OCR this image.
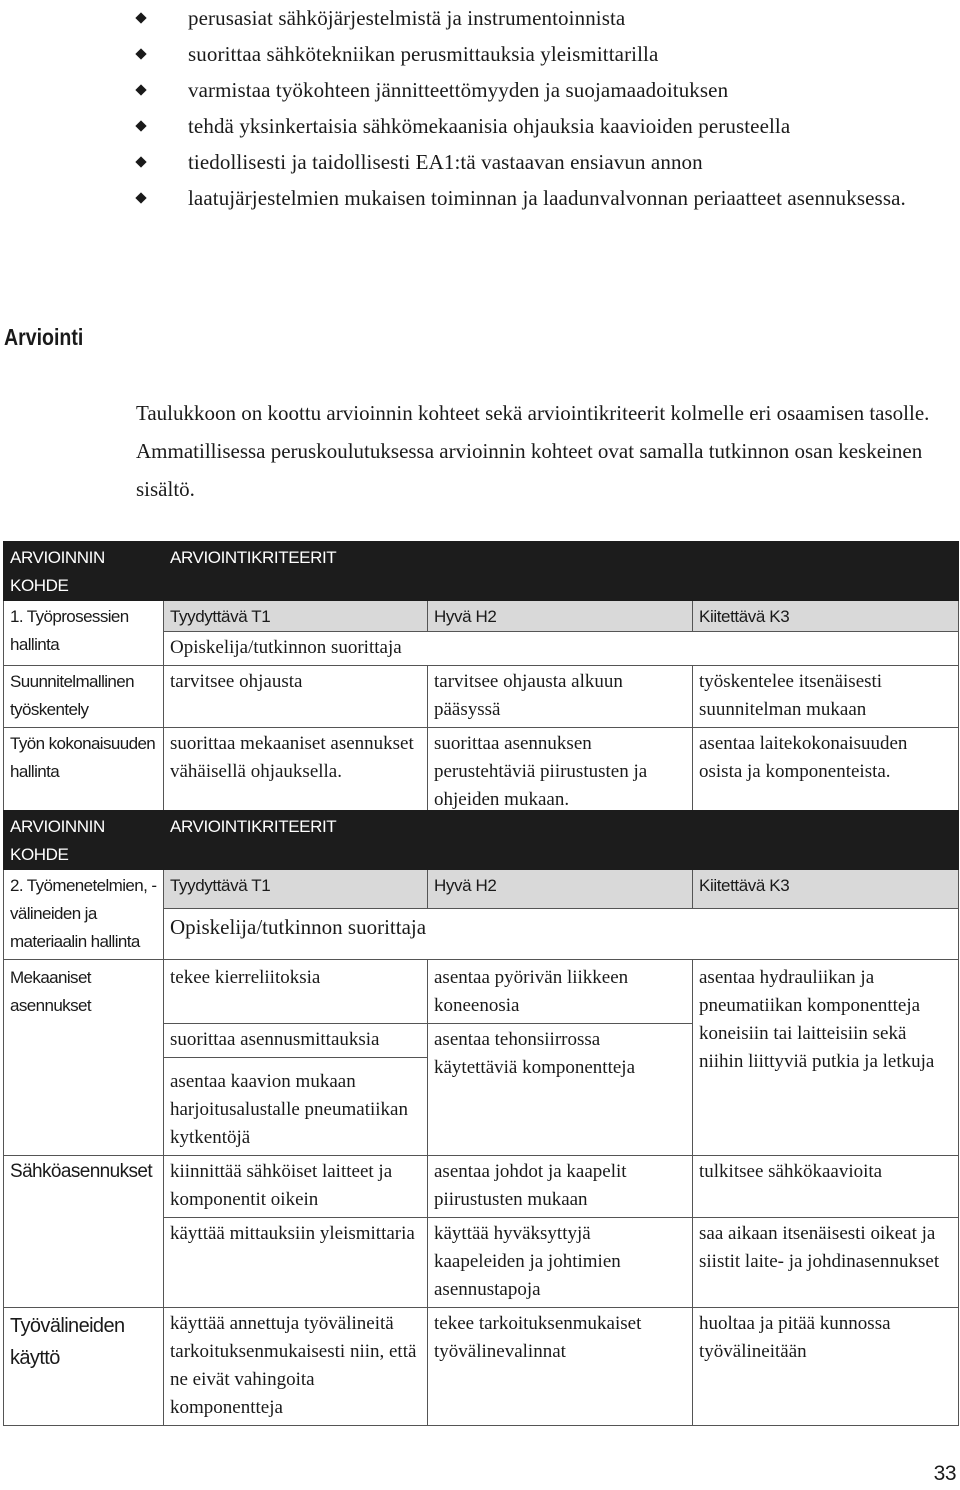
perusasiat sähköjärjestelmistä ja instrumentoinnista
suorittaa sähkötekniikan perusmittauksia yleismittarilla
varmistaa työkohteen jännitteettömyyden ja suojamaadoituksen
tehdä yksinkertaisia sähkömekaanisia ohjauksia kaavioiden perusteella
tiedollisesti ja taidollisesti EA1:tä vastaavan ensiavun annon
laatujärjestelmien mukaisen toiminnan ja laadunvalvonnan periaatteet asennuksessa.
Arviointi

Taulukkoon on koottu arvioinnin kohteet sekä arviointikriteerit kolmelle eri osaamisen tasolle. Ammatillisessa peruskoulutuksessa arvioinnin kohteet ovat samalla tutkinnon osan keskeinen sisältö.

ARVIOINNIN KOHDE	ARVIOINTIKRITEERIT		
1. Työprosessien hallinta	Tyydyttävä T1	Hyvä H2	Kiitettävä K3
	Opiskelija/tutkinnon suorittaja		
Suunnitelmallinen työskentely	tarvitsee ohjausta	tarvitsee ohjausta alkuun pääsyssä	työskentelee itsenäisesti suunnitelman mukaan
Työn kokonaisuuden hallinta	suorittaa mekaaniset asennukset vähäisellä ohjauksella.	suorittaa asennuksen perustehtäviä piirustusten ja ohjeiden mukaan.	asentaa laitekokonaisuuden osista ja komponenteista.
ARVIOINNIN KOHDE	ARVIOINTIKRITEERIT		
2. Työmenetelmien, -välineiden ja materiaalin hallinta	Tyydyttävä T1	Hyvä H2	Kiitettävä K3
	Opiskelija/tutkinnon suorittaja		
Mekaaniset asennukset	tekee kierreliitoksia	asentaa pyörivän liikkeen koneenosia	asentaa hydrauliikan ja pneumatiikan komponentteja koneisiin tai laitteisiin sekä niihin liittyviä putkia ja letkuja
	suorittaa asennusmittauksia	asentaa tehonsiirrossa käytettäviä komponentteja	
	asentaa kaavion mukaan harjoitusalustalle pneumatiikan kytkentöjä		
Sähköasennukset	kiinnittää sähköiset laitteet ja komponentit oikein	asentaa johdot ja kaapelit piirustusten mukaan	tulkitsee sähkökaavioita
	käyttää mittauksiin yleismittaria	käyttää hyväksyttyjä kaapeleiden ja johtimien asennustapoja	saa aikaan itsenäisesti oikeat ja siistit laite- ja johdinasennukset
Työvälineiden käyttö	käyttää annettuja työvälineitä tarkoituksenmukaisesti niin, että ne eivät vahingoita komponentteja	tekee tarkoituksenmukaiset työvälinevalinnat	huoltaa ja pitää kunnossa työvälineitään
33
